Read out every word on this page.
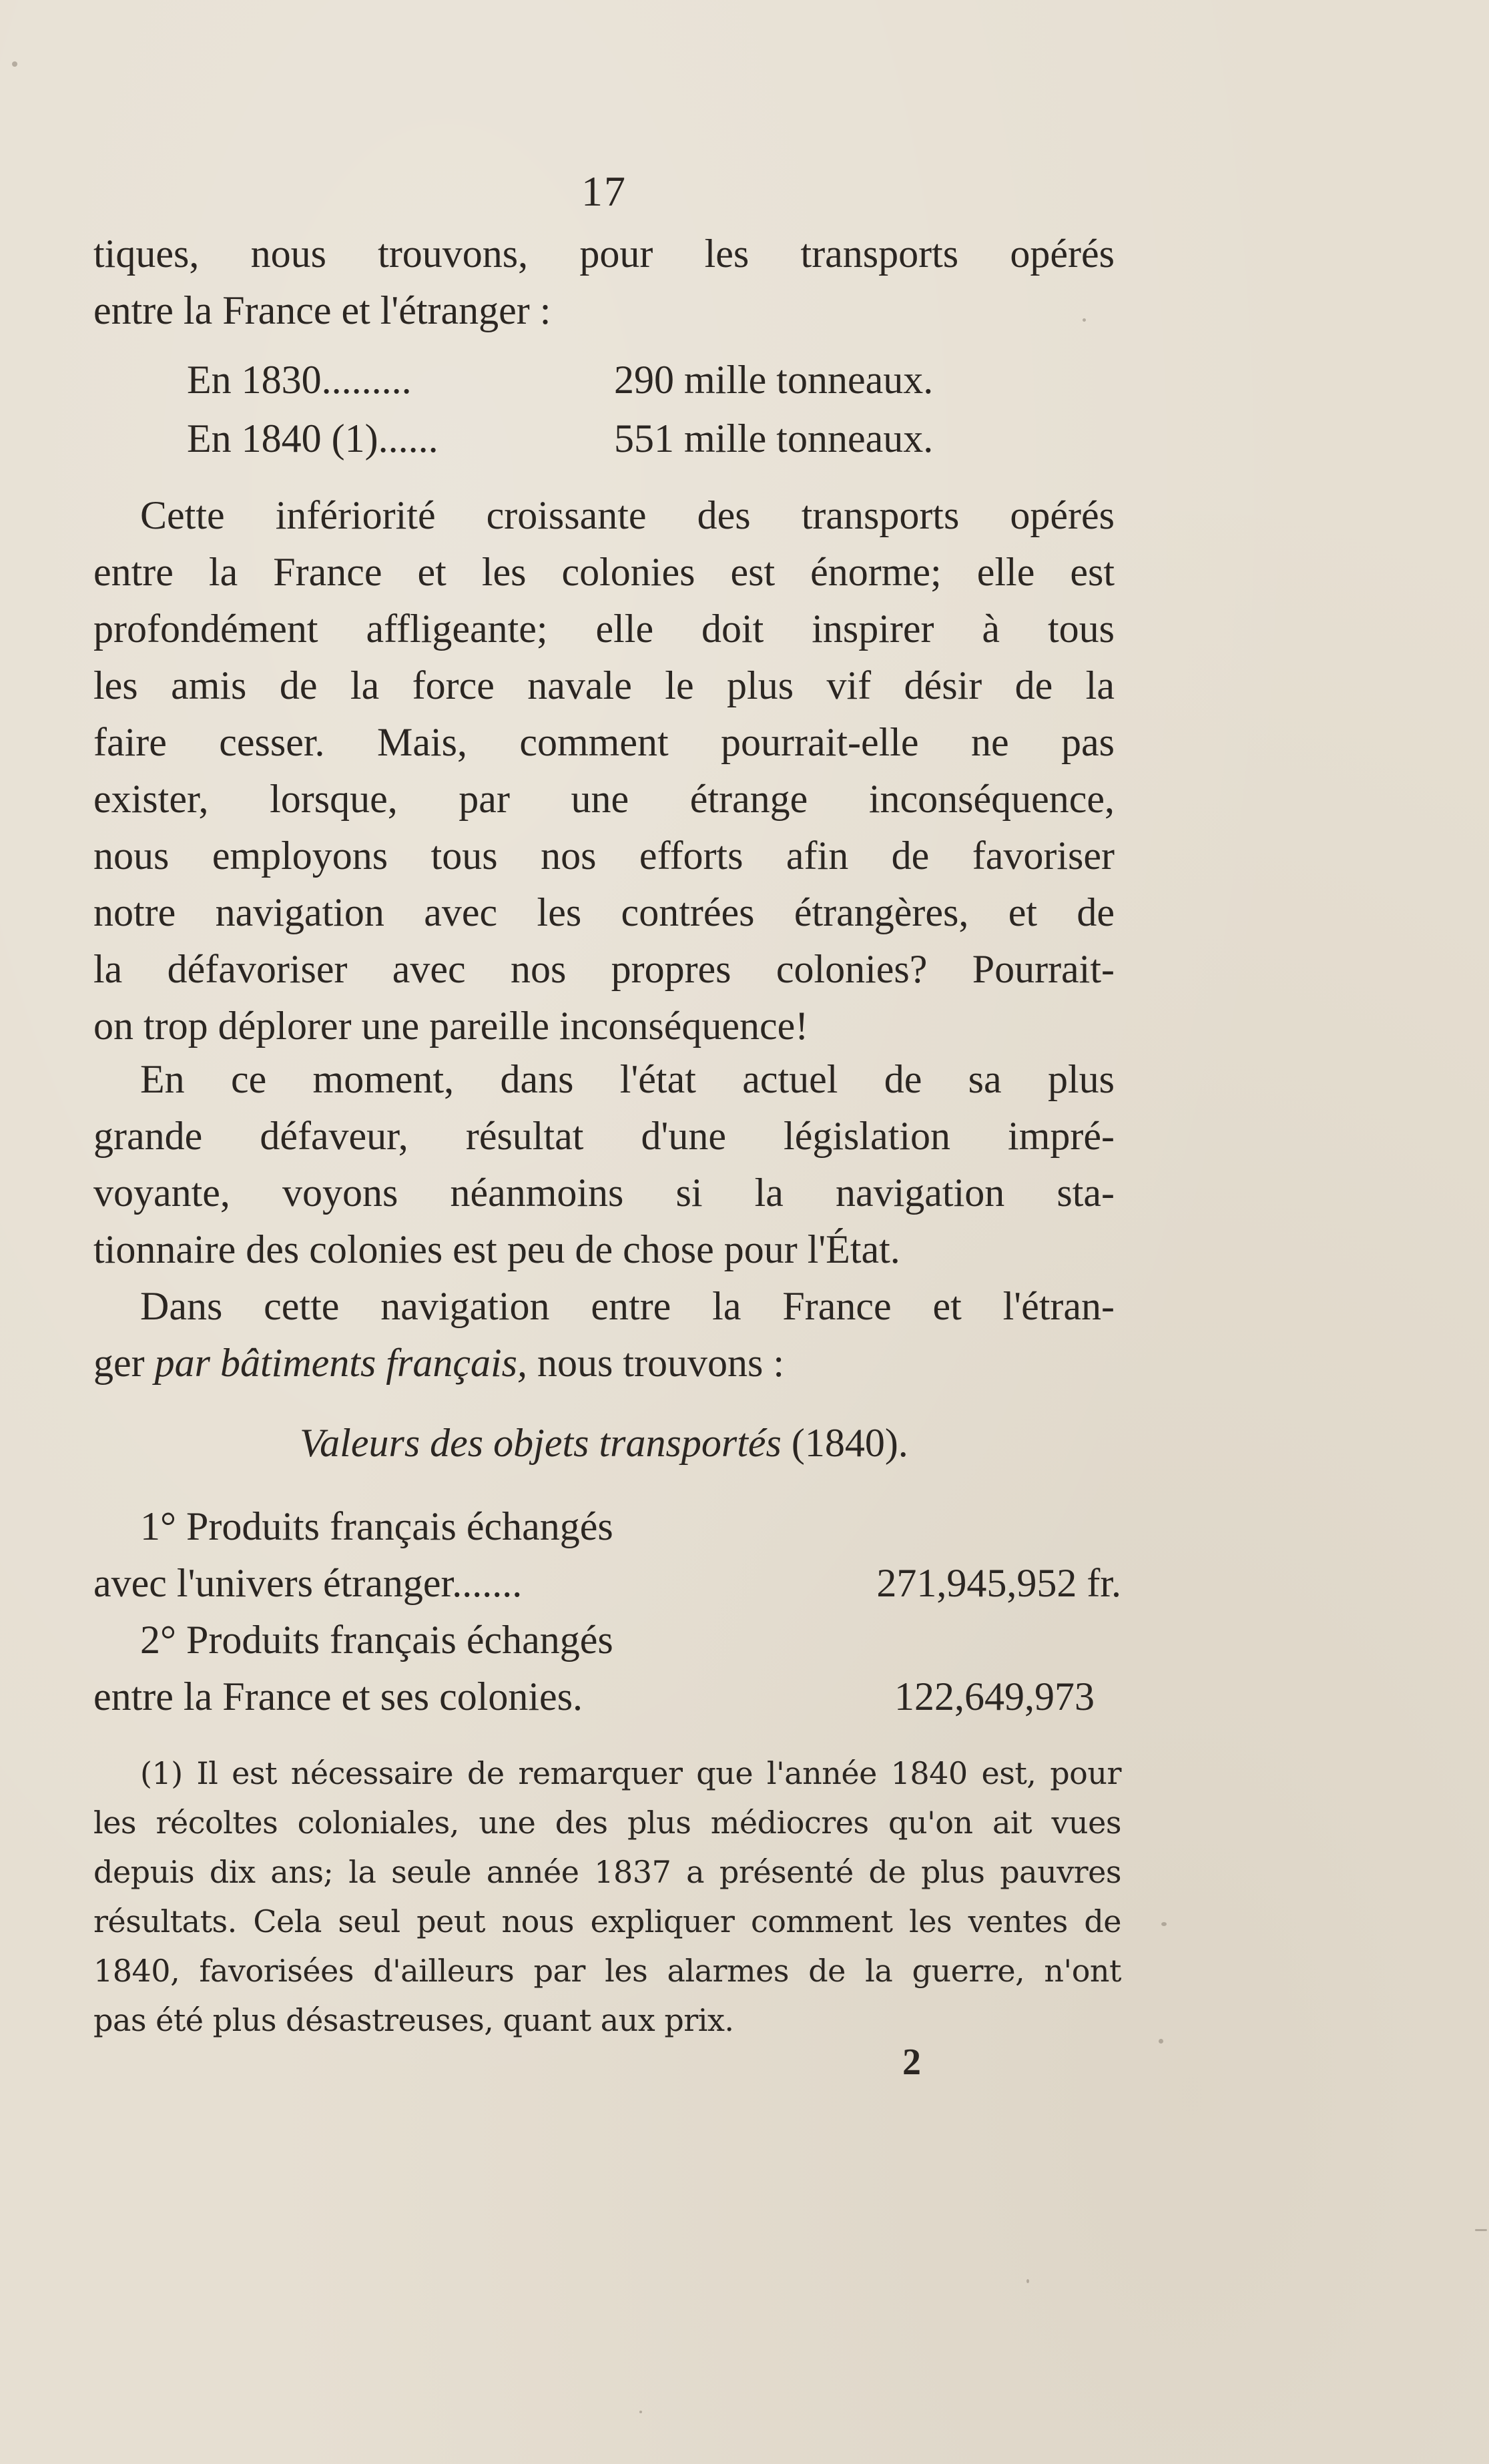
17
tiques, nous trouvons, pour les transports opérés
entre la France et l'étranger :
En 1830.........	290 mille tonneaux.
En 1840 (1)......	551 mille tonneaux.
Cette infériorité croissante des transports opérés
entre la France et les colonies est énorme; elle est
profondément affligeante; elle doit inspirer à tous
les amis de la force navale le plus vif désir de la
faire cesser. Mais, comment pourrait-elle ne pas
exister, lorsque, par une étrange inconséquence,
nous employons tous nos efforts afin de favoriser
notre navigation avec les contrées étrangères, et de
la défavoriser avec nos propres colonies? Pourrait-
on trop déplorer une pareille inconséquence!
En ce moment, dans l'état actuel de sa plus
grande défaveur, résultat d'une législation impré-
voyante, voyons néanmoins si la navigation sta-
tionnaire des colonies est peu de chose pour l'État.
Dans cette navigation entre la France et l'étran-
ger par bâtiments français, nous trouvons :
Valeurs des objets transportés (1840).
1° Produits français échangés
avec l'univers étranger.......	271,945,952 fr.
2° Produits français échangés
entre la France et ses colonies.	122,649,973
(1) Il est nécessaire de remarquer que l'année 1840 est, pour
les récoltes coloniales, une des plus médiocres qu'on ait vues
depuis dix ans; la seule année 1837 a présenté de plus pauvres
résultats. Cela seul peut nous expliquer comment les ventes de
1840, favorisées d'ailleurs par les alarmes de la guerre, n'ont
pas été plus désastreuses, quant aux prix.
2
